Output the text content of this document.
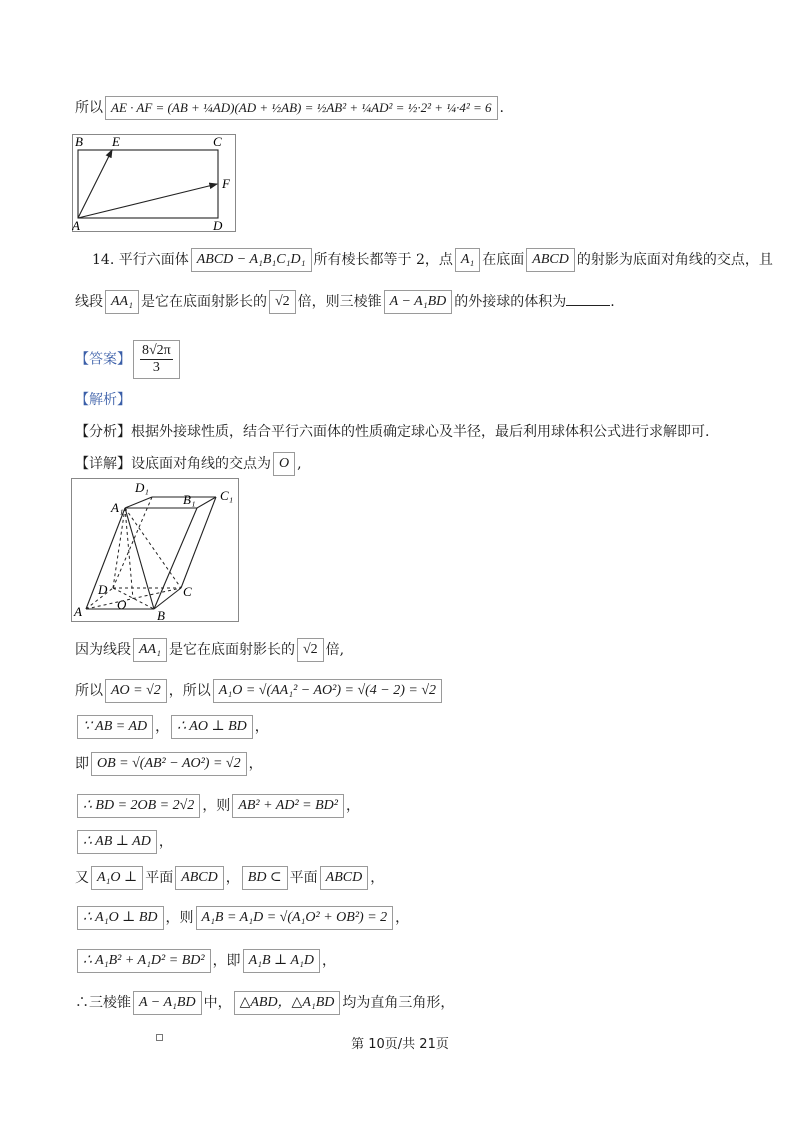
所以 AE · AF = (AB + ¼AD)(AD + ½AB) = ½AB² + ¼AD² = ½·2² + ¼·4² = 6 .
B E	C
F
A	D
14. 平行六面体 ABCD − A₁B₁C₁D₁ 所有棱长都等于 2，点 A₁ 在底面 ABCD 的射影为底面对角线的交点，且
线段 AA₁ 是它在底面射影长的 √2 倍，则三棱锥 A − A₁BD 的外接球的体积为	.
【答案】 $\frac{8√2\pi}{3}$
【解析】
【分析】根据外接球性质，结合平行六面体的性质确定球心及半径，最后利用球体积公式进行求解即可.
【详解】设底面对角线的交点为 O ,
D₁
B₁ C₁
A₁
D	C
A	O
B
因为线段 AA₁ 是它在底面射影长的 √2 倍,
所以 AO = √2 ，所以 A₁O = √(AA₁² − AO²) = √(4 − 2) = √2
∵ AB = AD ， ∴ AO ⊥ BD ，
即 OB = √(AB² − AO²) = √2 ，
∴ BD = 2OB = 2√2 ，则 AB² + AD² = BD² ，
∴ AB ⊥ AD ，
又 A₁O ⊥ 平面 ABCD ， BD ⊂ 平面 ABCD ，
∴ A₁O ⊥ BD ，则 A₁B = A₁D = √(A₁O² + OB²) = 2 ，
∴ A₁B² + A₁D² = BD² ，即 A₁B ⊥ A₁D ，
∴三棱锥 A − A₁BD 中， △ABD，△A₁BD 均为直角三角形，
第 10页/共 21页
